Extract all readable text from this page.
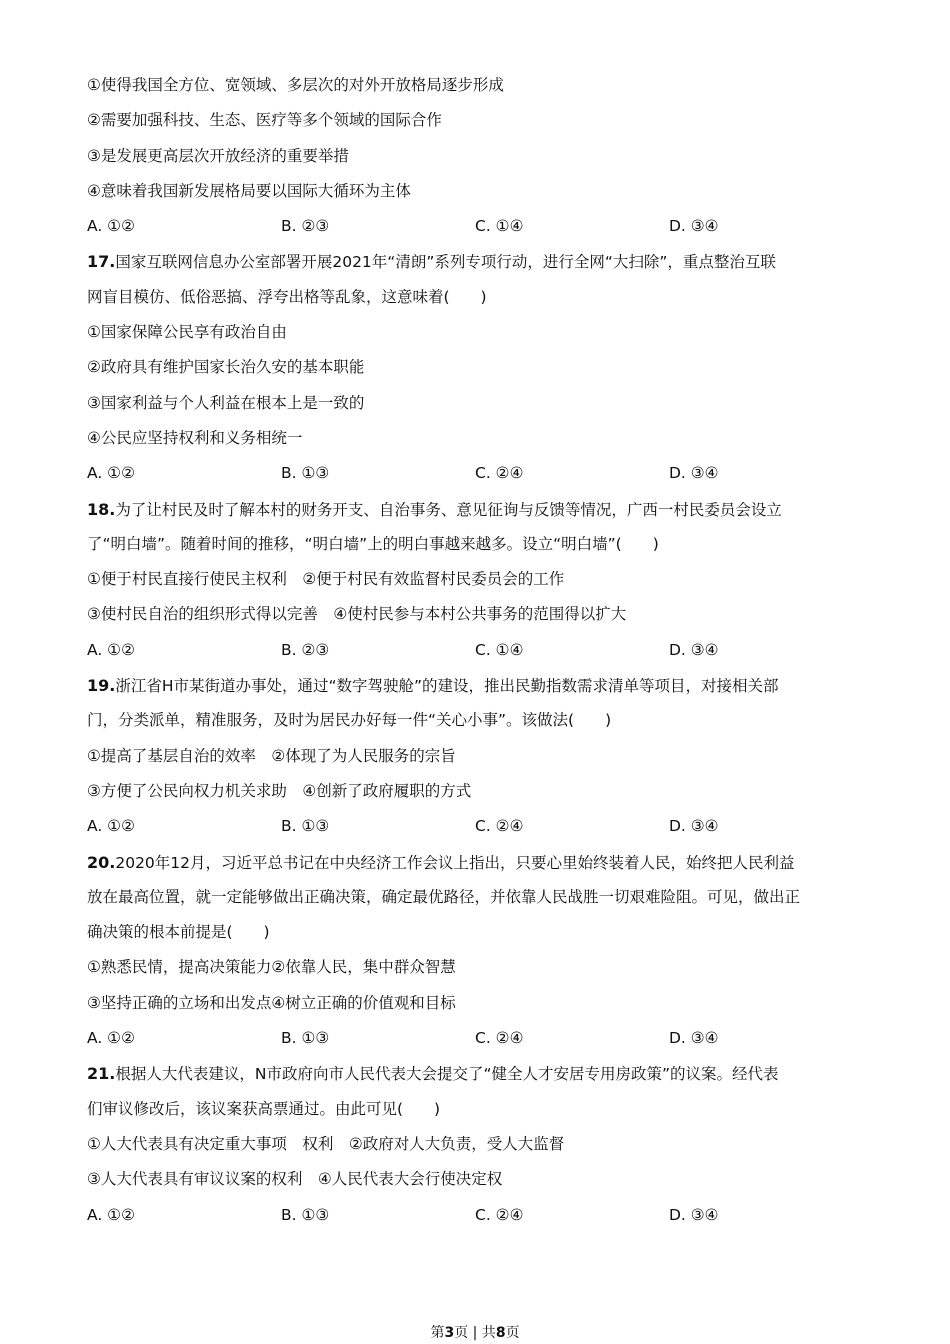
①使得我国全方位、宽领域、多层次的对外开放格局逐步形成
②需要加强科技、生态、医疗等多个领域的国际合作
③是发展更高层次开放经济的重要举措
④意味着我国新发展格局要以国际大循环为主体
A. ①②	B. ②③	C. ①④	D. ③④
17.国家互联网信息办公室部署开展2021年“清朗”系列专项行动，进行全网“大扫除”，重点整治互联
网盲目模仿、低俗恶搞、浮夸出格等乱象，这意味着(　　)
①国家保障公民享有政治自由
②政府具有维护国家长治久安的基本职能
③国家利益与个人利益在根本上是一致的
④公民应坚持权利和义务相统一
A. ①②	B. ①③	C. ②④	D. ③④
18.为了让村民及时了解本村的财务开支、自治事务、意见征询与反馈等情况，广西一村民委员会设立
了“明白墙”。随着时间的推移，“明白墙”上的明白事越来越多。设立“明白墙”(　　)
①便于村民直接行使民主权利　②便于村民有效监督村民委员会的工作
③使村民自治的组织形式得以完善　④使村民参与本村公共事务的范围得以扩大
A. ①②	B. ②③	C. ①④	D. ③④
19.浙江省H市某街道办事处，通过“数字驾驶舱”的建设，推出民勤指数需求清单等项目，对接相关部
门，分类派单，精准服务，及时为居民办好每一件“关心小事”。该做法(　　)
①提高了基层自治的效率　②体现了为人民服务的宗旨
③方便了公民向权力机关求助　④创新了政府履职的方式
A. ①②	B. ①③	C. ②④	D. ③④
20.2020年12月，习近平总书记在中央经济工作会议上指出，只要心里始终装着人民，始终把人民利益
放在最高位置，就一定能够做出正确决策，确定最优路径，并依靠人民战胜一切艰难险阻。可见，做出正
确决策的根本前提是(　　)
①熟悉民情，提高决策能力②依靠人民，集中群众智慧
③坚持正确的立场和出发点④树立正确的价值观和目标
A. ①②	B. ①③	C. ②④	D. ③④
21.根据人大代表建议，N市政府向市人民代表大会提交了“健全人才安居专用房政策”的议案。经代表
们审议修改后，该议案获高票通过。由此可见(　　)
①人大代表具有决定重大事项　权利　②政府对人大负责，受人大监督
③人大代表具有审议议案的权利　④人民代表大会行使决定权
A. ①②	B. ①③	C. ②④	D. ③④
第3页 | 共8页
